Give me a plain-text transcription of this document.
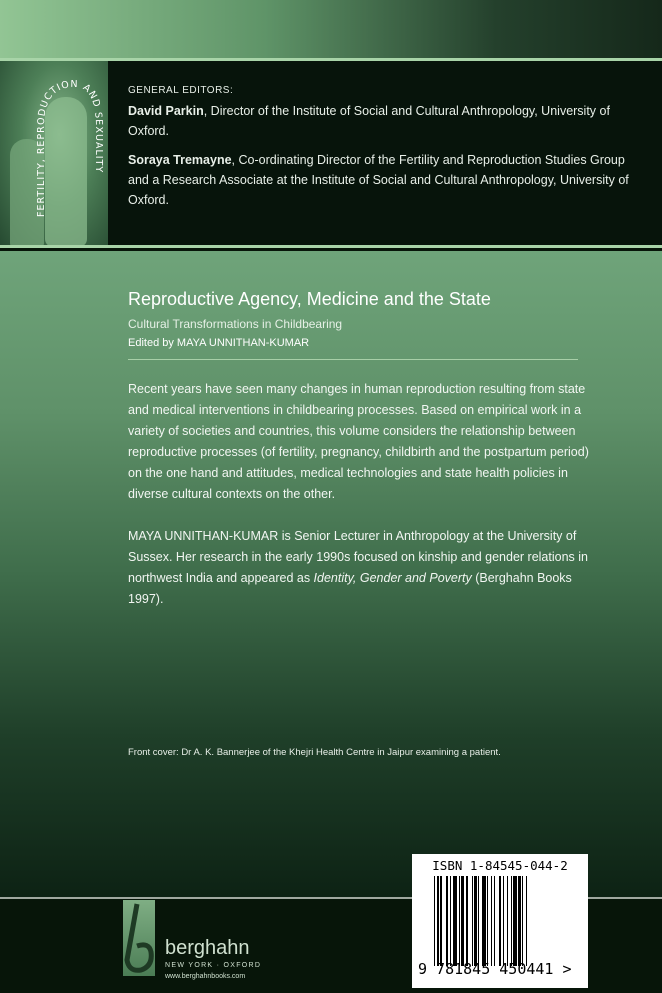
FERTILITY, REPRODUCTION AND SEXUALITY
GENERAL EDITORS:

David Parkin, Director of the Institute of Social and Cultural Anthropology, University of Oxford.

Soraya Tremayne, Co-ordinating Director of the Fertility and Reproduction Studies Group and a Research Associate at the Institute of Social and Cultural Anthropology, University of Oxford.

Reproductive Agency, Medicine and the State
Cultural Transformations in Childbearing
Edited by MAYA UNNITHAN-KUMAR
Recent years have seen many changes in human reproduction resulting from state and medical interventions in childbearing processes. Based on empirical work in a variety of societies and countries, this volume considers the relationship between reproductive processes (of fertility, pregnancy, childbirth and the postpartum period) on the one hand and attitudes, medical technologies and state health policies in diverse cultural contexts on the other.
MAYA UNNITHAN-KUMAR is Senior Lecturer in Anthropology at the University of Sussex. Her research in the early 1990s focused on kinship and gender relations in northwest India and appeared as Identity, Gender and Poverty (Berghahn Books 1997).
Front cover: Dr A. K. Bannerjee of the Khejri Health Centre in Jaipur examining a patient.
berghahn
NEW YORK · OXFORD
www.berghahnbooks.com
ISBN 1-84545-044-2
9 781845 450441 >
